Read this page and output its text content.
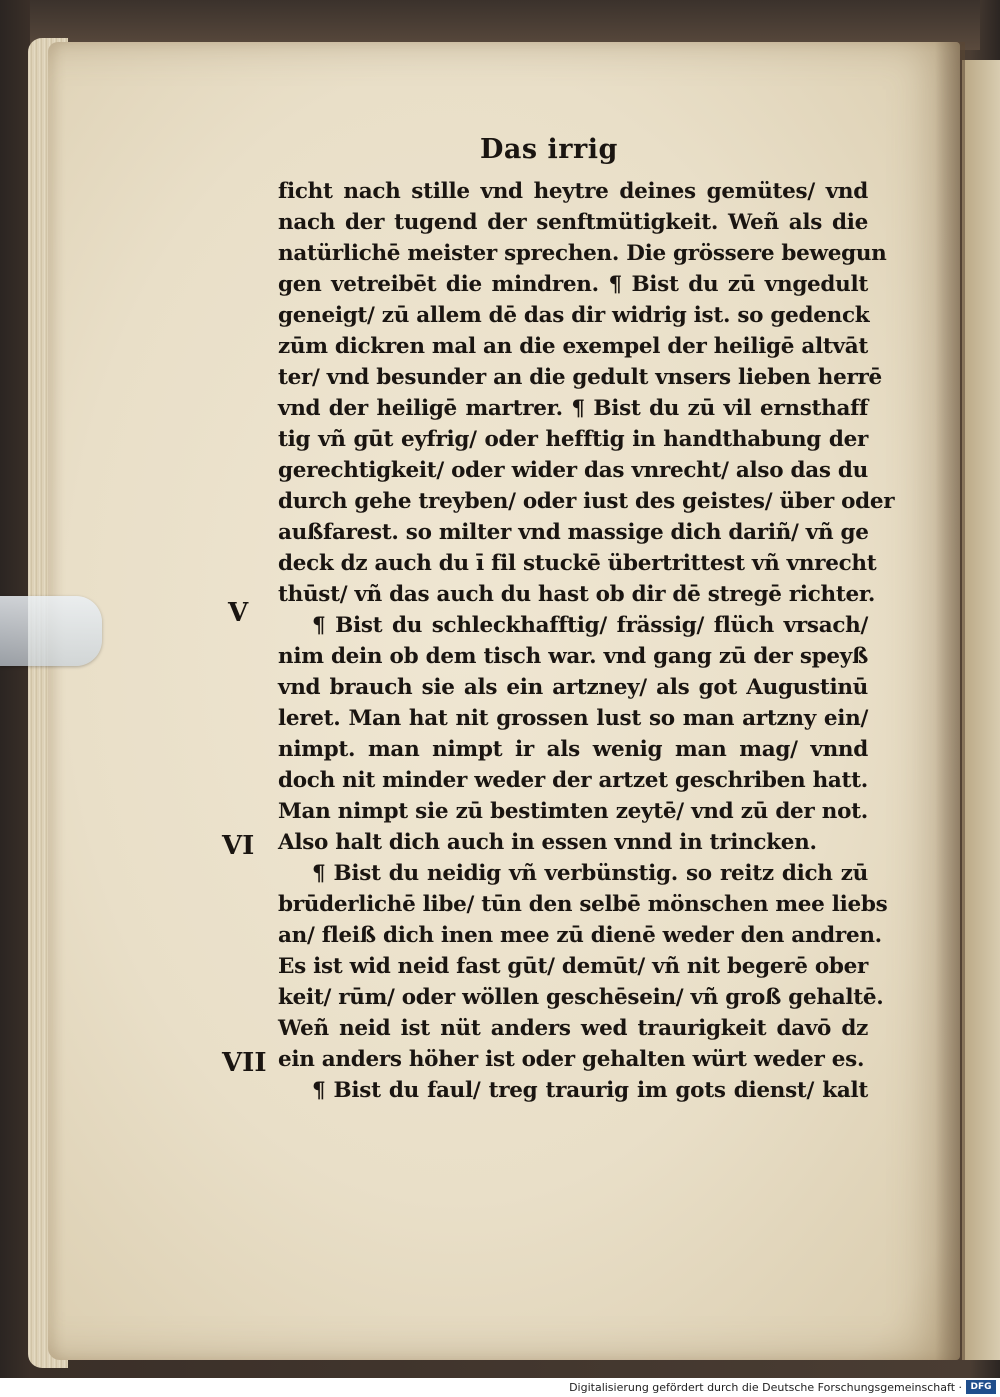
Das irrig
ficht nach stille vnd heytre deines gemütes/ vnd
nach der tugend der senftmütigkeit. Weñ als die
natürlichē meister sprechen. Die grössere bewegun
gen vetreibēt die mindren. ¶ Bist du zū vngedult
geneigt/ zū allem dē das dir widrig ist. so gedenck
zūm dickren mal an die exempel der heiligē altvāt
ter/ vnd besunder an die gedult vnsers lieben herrē
vnd der heiligē martrer. ¶ Bist du zū vil ernsthaff
tig vñ gūt eyfrig/ oder hefftig in handthabung der
gerechtigkeit/ oder wider das vnrecht/ also das du
durch gehe treyben/ oder iust des geistes/ über oder
außfarest. so milter vnd massige dich dariñ/ vñ ge
deck dz auch du ī fil stuckē übertrittest vñ vnrecht
thūst/ vñ das auch du hast ob dir dē stregē richter.
¶ Bist du schleckhafftig/ frässig/ flüch vrsach/
nim dein ob dem tisch war. vnd gang zū der speyß
vnd brauch sie als ein artzney/ als got Augustinū
leret. Man hat nit grossen lust so man artzny ein/
nimpt. man nimpt ir als wenig man mag/ vnnd
doch nit minder weder der artzet geschriben hatt.
Man nimpt sie zū bestimten zeytē/ vnd zū der not.
Also halt dich auch in essen vnnd in trincken.
¶ Bist du neidig vñ verbünstig. so reitz dich zū
brūderlichē libe/ tūn den selbē mönschen mee liebs
an/ fleiß dich inen mee zū dienē weder den andren.
Es ist wid neid fast gūt/ demūt/ vñ nit begerē ober
keit/ rūm/ oder wöllen geschēsein/ vñ groß gehaltē.
Weñ neid ist nüt anders wed traurigkeit davō dz
ein anders höher ist oder gehalten würt weder es.
¶ Bist du faul/ treg traurig im gots dienst/ kalt
V
VI
VII
Digitalisierung gefördert durch die Deutsche Forschungsgemeinschaft · DFG
